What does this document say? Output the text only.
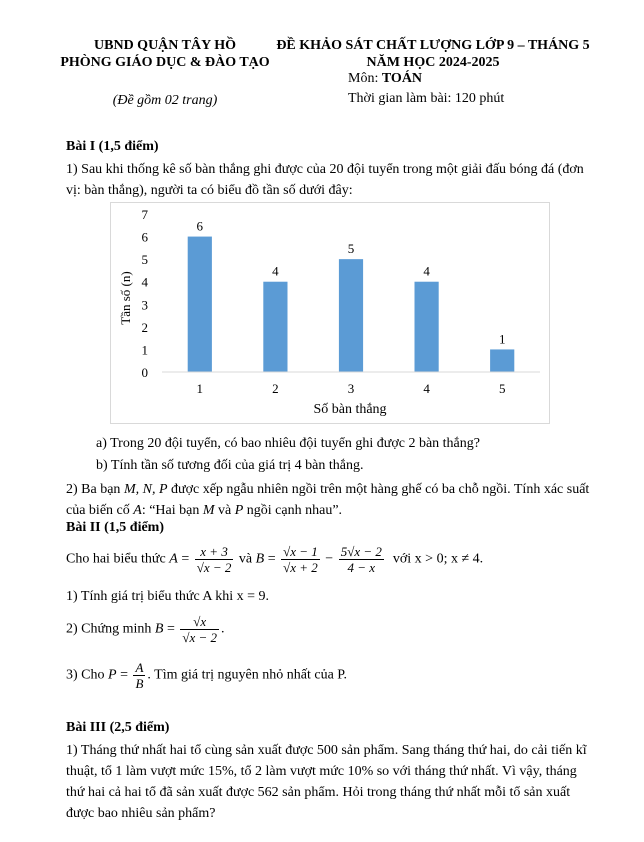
UBND QUẬN TÂY HỒ
PHÒNG GIÁO DỤC & ĐÀO TẠO
(Đề gồm 02 trang)
ĐỀ KHẢO SÁT CHẤT LƯỢNG LỚP 9 – THÁNG 5
NĂM HỌC 2024-2025
Môn: TOÁN
Thời gian làm bài: 120 phút
Bài I (1,5 điểm)
1) Sau khi thống kê số bàn thắng ghi được của 20 đội tuyển trong một giải đấu bóng đá (đơn vị: bàn thắng), người ta có biểu đồ tần số dưới đây:
6
4
5
4
1
0
1
2
3
4
5
6
7
1	2	3	4	5
Số bàn thắng
Tần số (n)
a) Trong 20 đội tuyển, có bao nhiêu đội tuyển ghi được 2 bàn thắng?
b) Tính tần số tương đối của giá trị 4 bàn thắng.
2) Ba bạn M, N, P được xếp ngẫu nhiên ngồi trên một hàng ghế có ba chỗ ngồi. Tính xác suất của biến cố A: “Hai bạn M và P ngồi cạnh nhau”.
Bài II (1,5 điểm)
Cho hai biểu thức $A = \frac{x + 3}{√x - 2}$ và $B = \frac{√x - 1}{√x + 2} - \frac{5√x - 2}{4 - x}$ với x > 0; x ≠ 4.
1) Tính giá trị biểu thức A khi x = 9.
2) Chứng minh $B = \frac{√x}{√x - 2}$ .
3) Cho $P = \frac{A}{B}$ . Tìm giá trị nguyên nhỏ nhất của P.
Bài III (2,5 điểm)
1) Tháng thứ nhất hai tổ cùng sản xuất được 500 sản phẩm. Sang tháng thứ hai, do cải tiến kĩ thuật, tổ 1 làm vượt mức 15%, tổ 2 làm vượt mức 10% so với tháng thứ nhất. Vì vậy, tháng thứ hai cả hai tổ đã sản xuất được 562 sản phẩm. Hỏi trong tháng thứ nhất mỗi tổ sản xuất được bao nhiêu sản phẩm?
